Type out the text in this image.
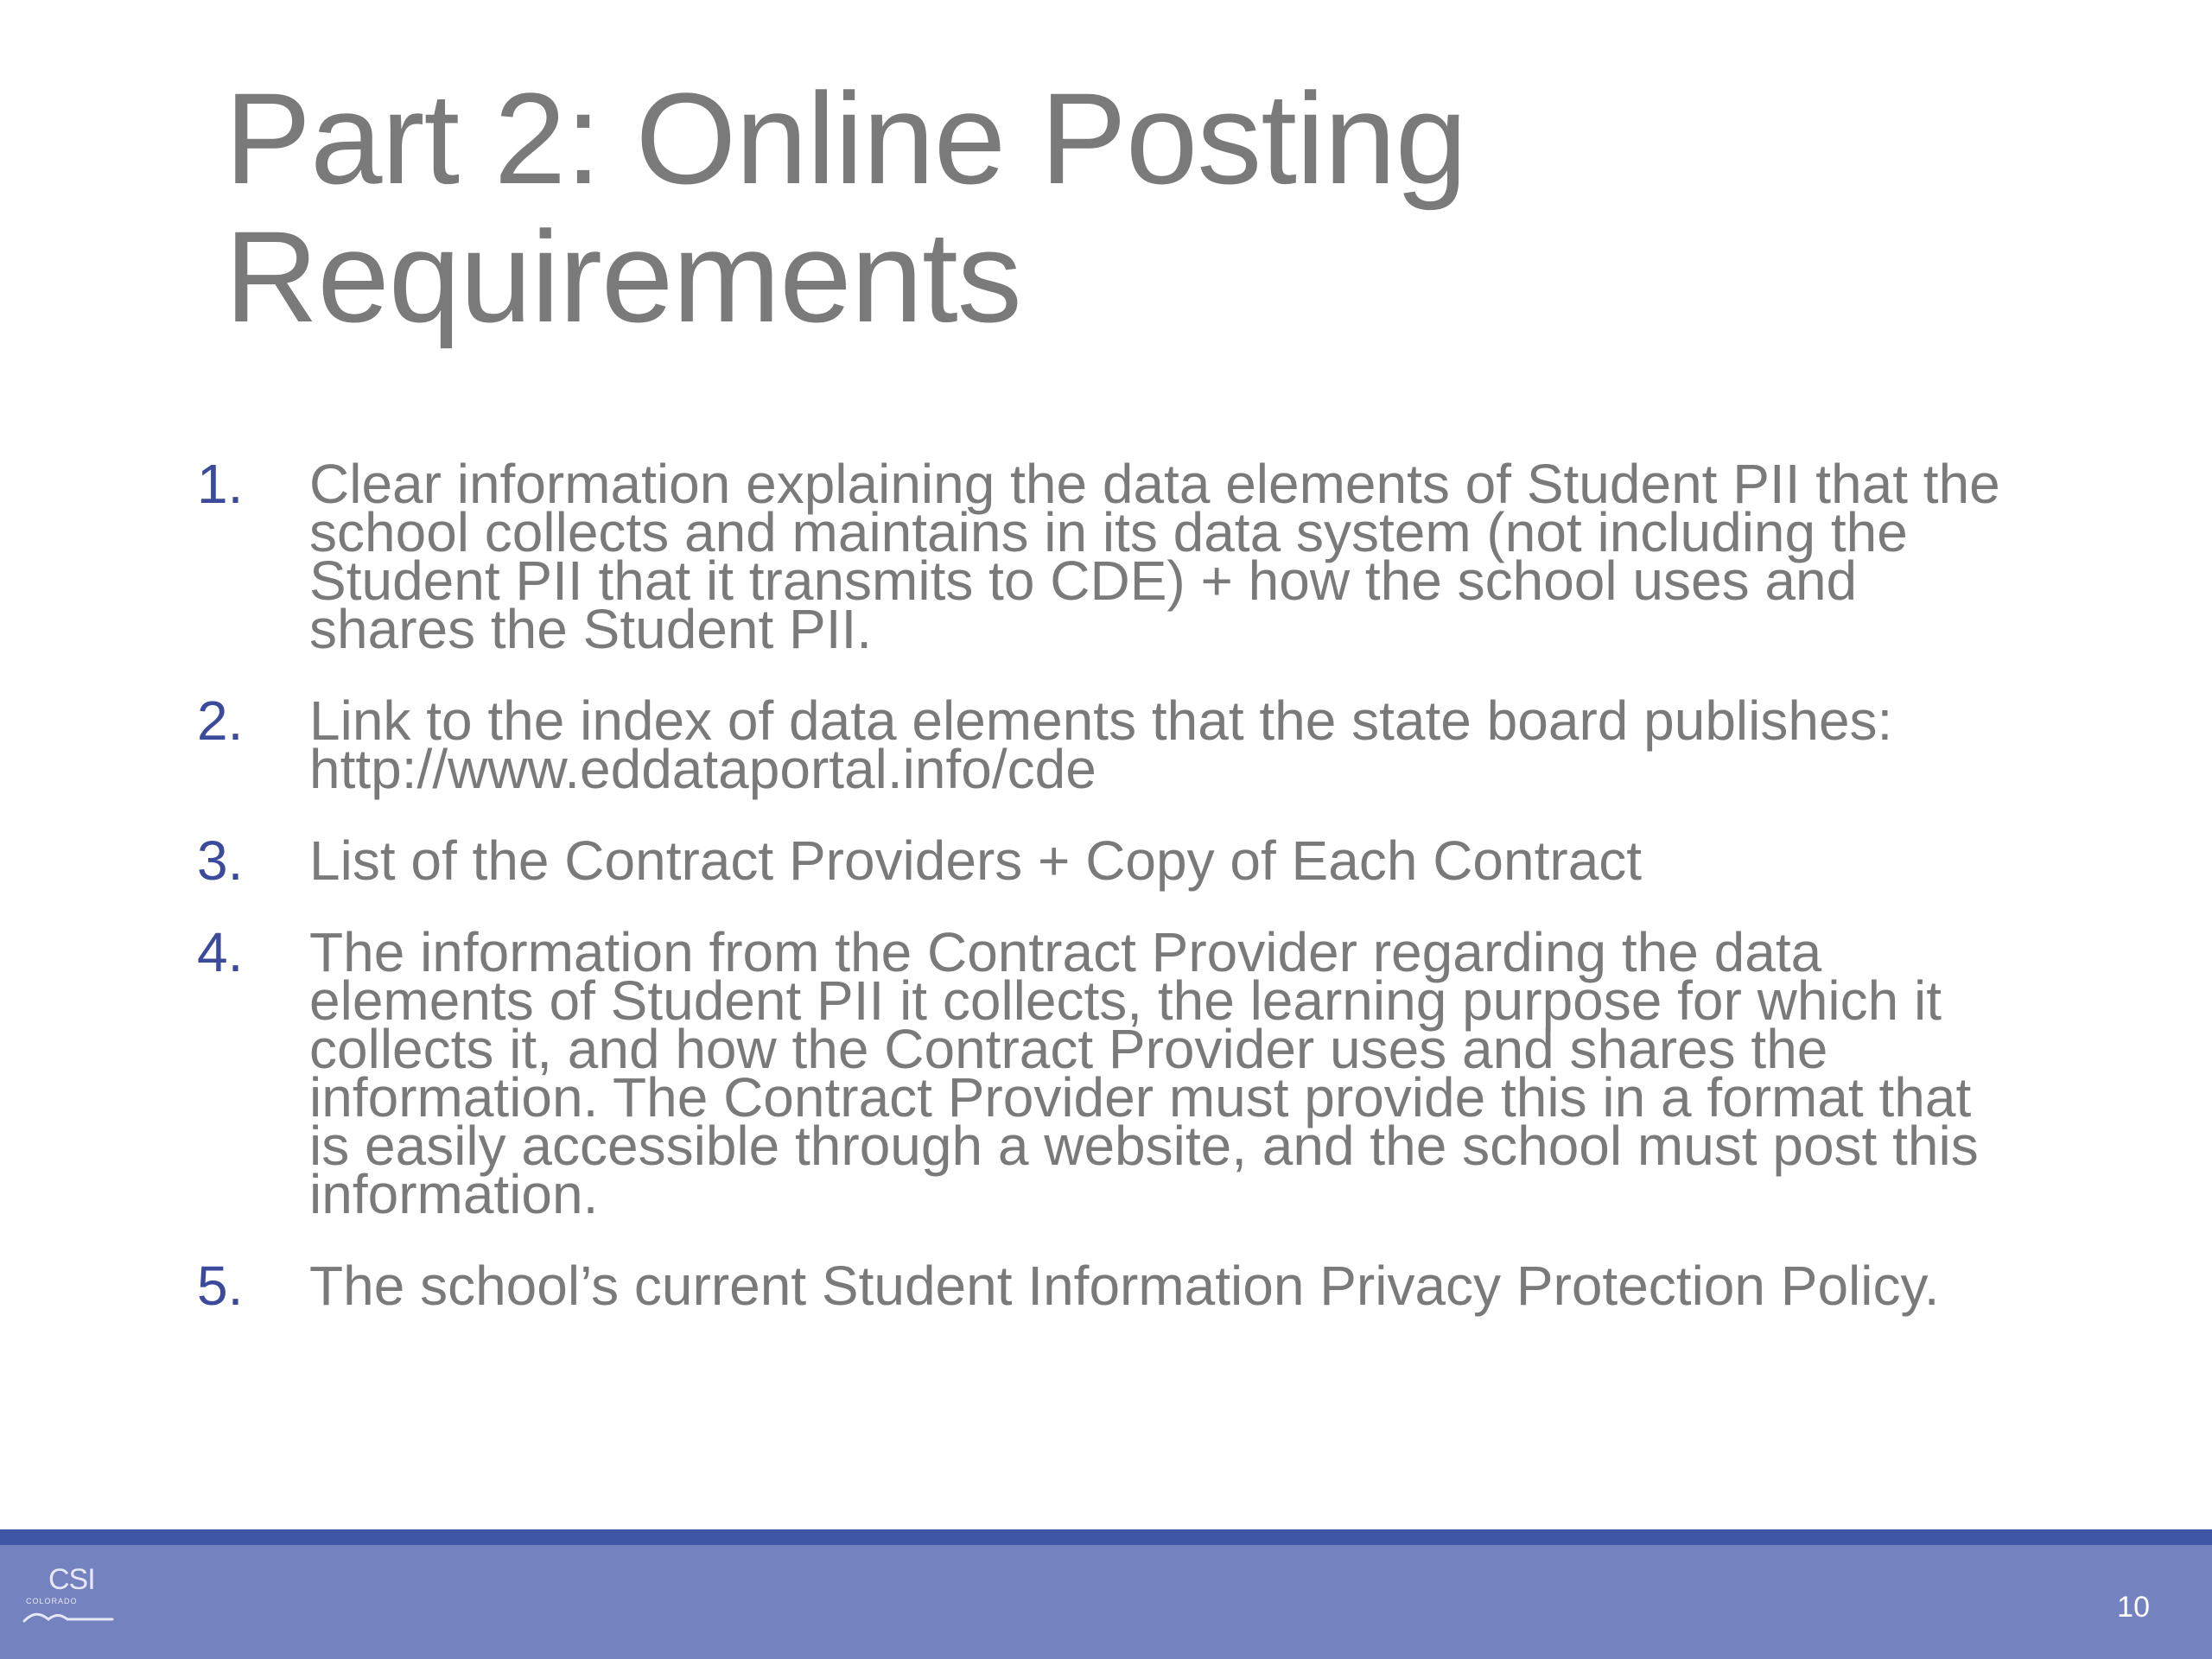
Part 2: Online Posting
Requirements
1. Clear information explaining the data elements of Student PII that the school collects and maintains in its data system (not including the Student PII that it transmits to CDE) + how the school uses and shares the Student PII.
2. Link to the index of data elements that the state board publishes: http://www.eddataportal.info/cde
3. List of the Contract Providers + Copy of Each Contract
4. The information from the Contract Provider regarding the data elements of Student PII it collects, the learning purpose for which it collects it, and how the Contract Provider uses and shares the information. The Contract Provider must provide this in a format that is easily accessible through a website, and the school must post this information.
5. The school’s current Student Information Privacy Protection Policy.
CSI
COLORADO	10
